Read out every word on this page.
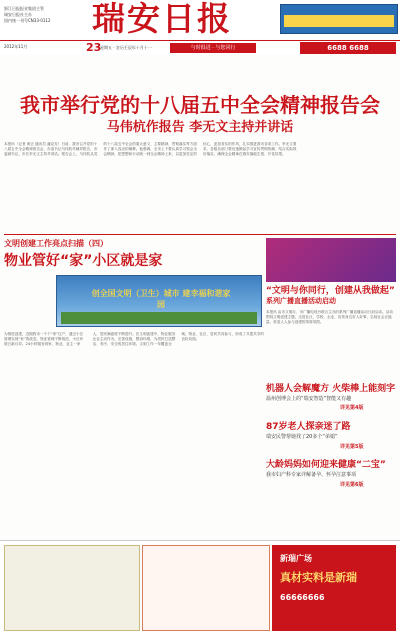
浙江日报报业集团主管
瑞安日报社主办
国内统一刊号CN33-0112	瑞安日报
2012年11月	23
星期五 · 农历壬辰年十月十一	与时俱进 · 与您同行	6688 6688
我市举行党的十八届五中全会精神报告会
马伟杭作报告 李无文主持并讲话
本报讯（记者 黄正 通讯员 潘克芳）日前，我市召开党的十八届五中全会精神报告会，市委书记马伟杭作辅导报告，市委副书记、市长李无文主持并讲话。报告会上，马伟杭从党的十八届五中全会的重大意义、主要精神、贯彻落实等方面作了深入浅出的阐释。他强调，全市上下要认真学习领会全会精神，把思想和行动统一到全会精神上来，以更加坚定的信心、更加务实的作风，扎实推进我市各项工作。李无文要求，各级各部门要迅速掀起学习宣传贯彻热潮，结合实际抓好落实，确保全会精神在瑞安落地生根、开花结果。
文明创建工作亮点扫描（四）
物业管好“家”小区就是家
创全国文明（卫生）城市 建幸福和谐家园
为推进创建，近期我市一个个“家”住户，通过小区管理实现“家”的改变，物业管理不断规范，小区环境日新月异。24小时服务到家，物业、业主一家人，居民满意度不断提升。在文明创建中，物业服务企业主动作为，完善设施，整治环境，为居民打造整洁、有序、安全的居住环境。文明工作一年覆盖全域，物业、社区、居民共同参与，形成了共建共享的良好局面。
“文明与你同行，创建从我做起”
系列广播直播活动启动
本报讯 由市文明办、市广播电视台联合主办的系列广播直播活动日前启动。活动围绕文明创建主题，走进社区、学校、企业，宣传身边好人好事，弘扬社会正能量，营造人人参与创建的浓厚氛围。
机器人会解魔方 火柴棒上能刻字
温州创博会上的“瑞安智造”智能又有趣
详见第4版
87岁老人探亲迷了路
瑞安民警帮她找了20多个“弟媳”
详见第5版
大龄妈妈如何迎来健康“二宝”
我市妇产科专家详解备孕、怀孕注意事项
详见第6版
新瑞广场
真材实料是新瑞
66666666
